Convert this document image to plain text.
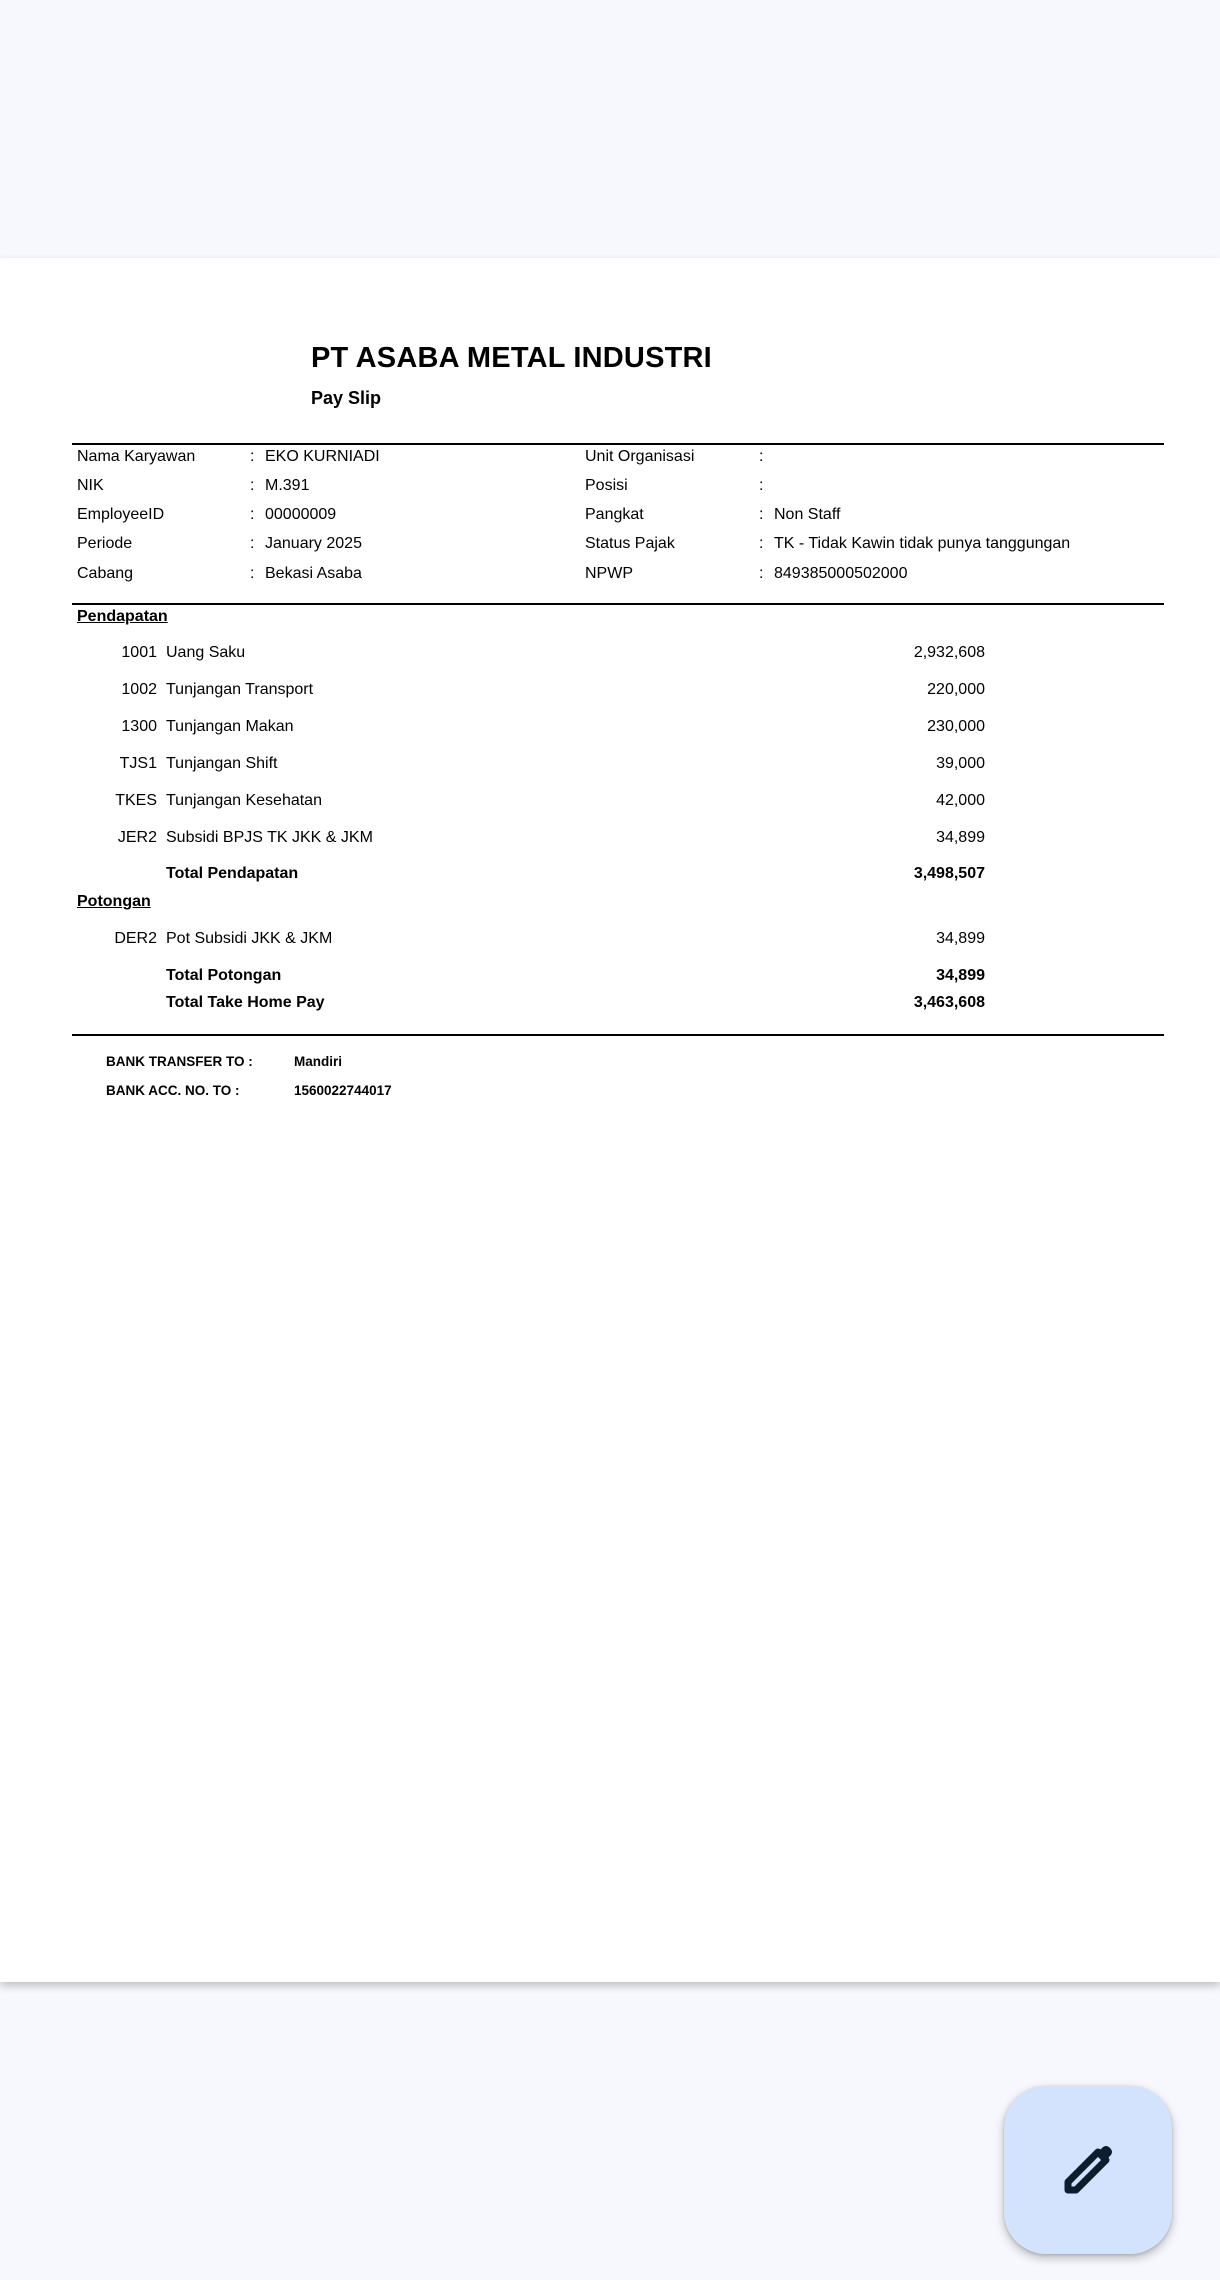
PT ASABA METAL INDUSTRI
Pay Slip
Nama Karyawan	: EKO KURNIADI	Unit Organisasi	:
NIK	: M.391	Posisi	:
EmployeeID	: 00000009	Pangkat	: Non Staff
Periode	: January 2025	Status Pajak	: TK - Tidak Kawin tidak punya tanggungan
Cabang	: Bekasi Asaba	NPWP	: 849385000502000
Pendapatan
1001 Uang Saku	2,932,608
1002 Tunjangan Transport	220,000
1300 Tunjangan Makan	230,000
TJS1 Tunjangan Shift	39,000
TKES Tunjangan Kesehatan	42,000
JER2 Subsidi BPJS TK JKK & JKM	34,899
Total Pendapatan	3,498,507
Potongan
DER2 Pot Subsidi JKK & JKM	34,899
Total Potongan	34,899
Total Take Home Pay	3,463,608
BANK TRANSFER TO :	Mandiri
BANK ACC. NO. TO :	1560022744017
